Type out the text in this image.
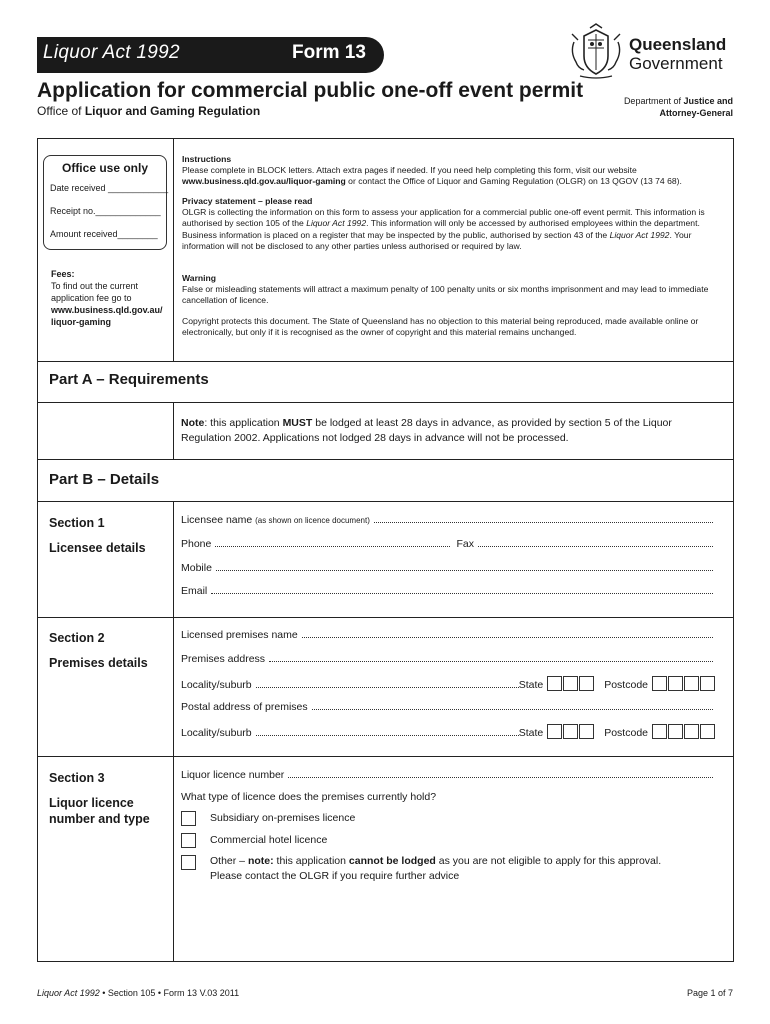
Liquor Act 1992	Form 13
Application for commercial public one-off event permit
Office of Liquor and Gaming Regulation
Queensland
Government
Department of Justice and
Attorney-General
Office use only
Date received ____________
Receipt no._____________
Amount received________
Fees:
To find out the current application fee go to
www.business.qld.gov.au/
liquor-gaming
Instructions
Please complete in BLOCK letters. Attach extra pages if needed. If you need help completing this form, visit our website
www.business.qld.gov.au/liquor-gaming or contact the Office of Liquor and Gaming Regulation (OLGR) on 13 QGOV (13 74 68).
Privacy statement – please read
OLGR is collecting the information on this form to assess your application for a commercial public one-off event permit. This information is authorised by section 105 of the Liquor Act 1992. This information will only be accessed by authorised employees within the department. Business information is placed on a register that may be inspected by the public, authorised by section 43 of the Liquor Act 1992. Your information will not be disclosed to any other parties unless authorised or required by law.
Warning
False or misleading statements will attract a maximum penalty of 100 penalty units or six months imprisonment and may lead to immediate cancellation of licence.
Copyright protects this document. The State of Queensland has no objection to this material being reproduced, made available online or electronically, but only if it is recognised as the owner of copyright and this material remains unchanged.
Part A – Requirements
Note: this application MUST be lodged at least 28 days in advance, as provided by section 5 of the Liquor Regulation 2002. Applications not lodged 28 days in advance will not be processed.
Part B – Details
Section 1
Licensee details
Licensee name
(as shown on licence document)
Phone	Fax
Mobile
Email
Section 2
Premises details
Licensed premises name
Premises address
Locality/suburb	State	Postcode
Postal address of premises
Locality/suburb	State	Postcode
Section 3
Liquor licence number and type
Liquor licence number
What type of licence does the premises currently hold?
Subsidiary on-premises licence
Commercial hotel licence
Other – note: this application cannot be lodged as you are not eligible to apply for this approval.
Please contact the OLGR if you require further advice
Liquor Act 1992 • Section 105 • Form 13 V.03 2011	Page 1 of 7
